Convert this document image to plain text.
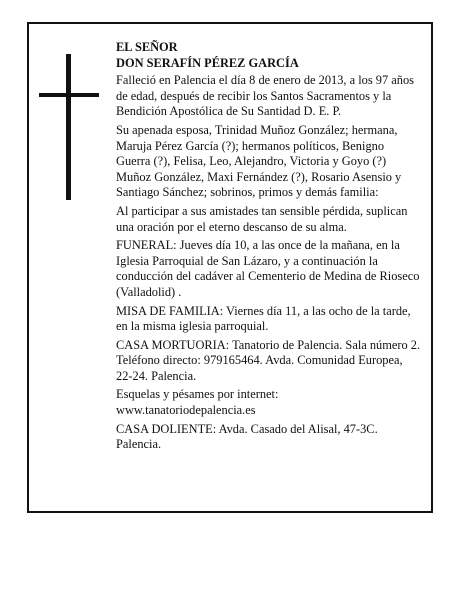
EL SEÑOR
DON SERAFÍN PÉREZ GARCÍA

Falleció en Palencia el día 8 de enero de 2013, a los 97 años de edad, después de recibir los Santos Sacramentos y la Bendición Apostólica de Su Santidad D. E. P.

Su apenada esposa, Trinidad Muñoz González; hermana, Maruja Pérez García (?); hermanos políticos, Benigno Guerra (?), Felisa, Leo, Alejandro, Victoria y Goyo (?) Muñoz González, Maxi Fernández (?), Rosario Asensio y Santiago Sánchez; sobrinos, primos y demás familia:

Al participar a sus amistades tan sensible pérdida, suplican una oración por el eterno descanso de su alma.

FUNERAL: Jueves día 10, a las once de la mañana, en la Iglesia Parroquial de San Lázaro, y a continuación la conducción del cadáver al Cementerio de Medina de Rioseco (Valladolid) .

MISA DE FAMILIA: Viernes día 11, a las ocho de la tarde, en la misma iglesia parroquial.

CASA MORTUORIA: Tanatorio de Palencia. Sala número 2. Teléfono directo: 979165464. Avda. Comunidad Europea, 22-24. Palencia.

Esquelas y pésames por internet: www.tanatoriodepalencia.es

CASA DOLIENTE: Avda. Casado del Alisal, 47-3C. Palencia.
